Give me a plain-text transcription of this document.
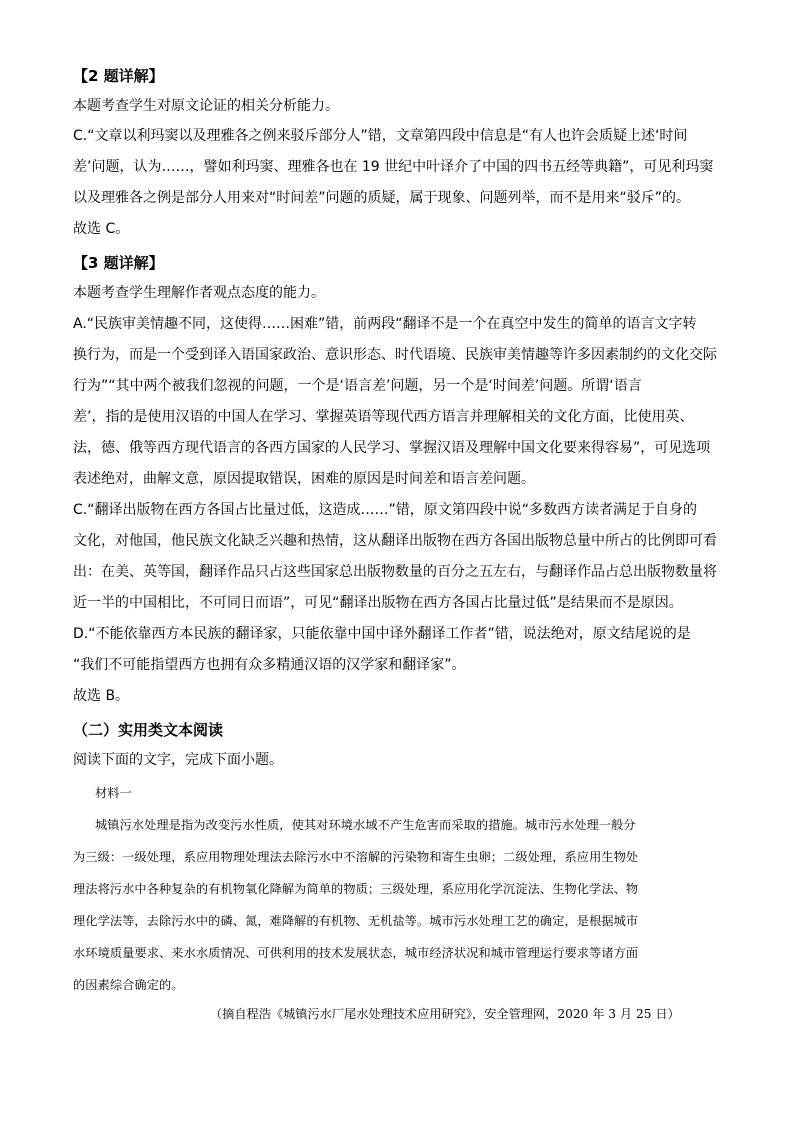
【2 题详解】
本题考查学生对原文论证的相关分析能力。
C.“文章以利玛窦以及理雅各之例来驳斥部分人”错，文章第四段中信息是“有人也许会质疑上述‘时间
差’问题，认为……，譬如利玛窦、理雅各也在 19 世纪中叶译介了中国的四书五经等典籍”，可见利玛窦
以及理雅各之例是部分人用来对“时间差”问题的质疑，属于现象、问题列举，而不是用来“驳斥”的。
故选 C。
【3 题详解】
本题考查学生理解作者观点态度的能力。
A.“民族审美情趣不同，这使得……困难”错，前两段“翻译不是一个在真空中发生的简单的语言文字转
换行为，而是一个受到译入语国家政治、意识形态、时代语境、民族审美情趣等许多因素制约的文化交际
行为”“其中两个被我们忽视的问题，一个是‘语言差’问题，另一个是‘时间差’问题。所谓‘语言
差’，指的是使用汉语的中国人在学习、掌握英语等现代西方语言并理解相关的文化方面，比使用英、
法，德、俄等西方现代语言的各西方国家的人民学习、掌握汉语及理解中国文化要来得容易”，可见选项
表述绝对，曲解文意，原因提取错误，困难的原因是时间差和语言差问题。
C.“翻译出版物在西方各国占比量过低，这造成……”错，原文第四段中说“多数西方读者满足于自身的
文化，对他国，他民族文化缺乏兴趣和热情，这从翻译出版物在西方各国出版物总量中所占的比例即可看
出：在美、英等国，翻译作品只占这些国家总出版物数量的百分之五左右，与翻译作品占总出版物数量将
近一半的中国相比，不可同日而语”，可见“翻译出版物在西方各国占比量过低”是结果而不是原因。
D.“不能依靠西方本民族的翻译家，只能依靠中国中译外翻译工作者”错，说法绝对，原文结尾说的是
“我们不可能指望西方也拥有众多精通汉语的汉学家和翻译家”。
故选 B。
（二）实用类文本阅读
阅读下面的文字，完成下面小题。
材料一
城镇污水处理是指为改变污水性质，使其对环境水域不产生危害而采取的措施。城市污水处理一般分
为三级：一级处理，系应用物理处理法去除污水中不溶解的污染物和寄生虫卵；二级处理，系应用生物处
理法将污水中各种复杂的有机物氧化降解为简单的物质；三级处理，系应用化学沉淀法、生物化学法、物
理化学法等，去除污水中的磷、氮，难降解的有机物、无机盐等。城市污水处理工艺的确定，是根据城市
水环境质量要求、来水水质情况、可供利用的技术发展状态，城市经济状况和城市管理运行要求等诸方面
的因素综合确定的。
（摘自程浩《城镇污水厂尾水处理技术应用研究》，安全管理网，2020 年 3 月 25 日）
